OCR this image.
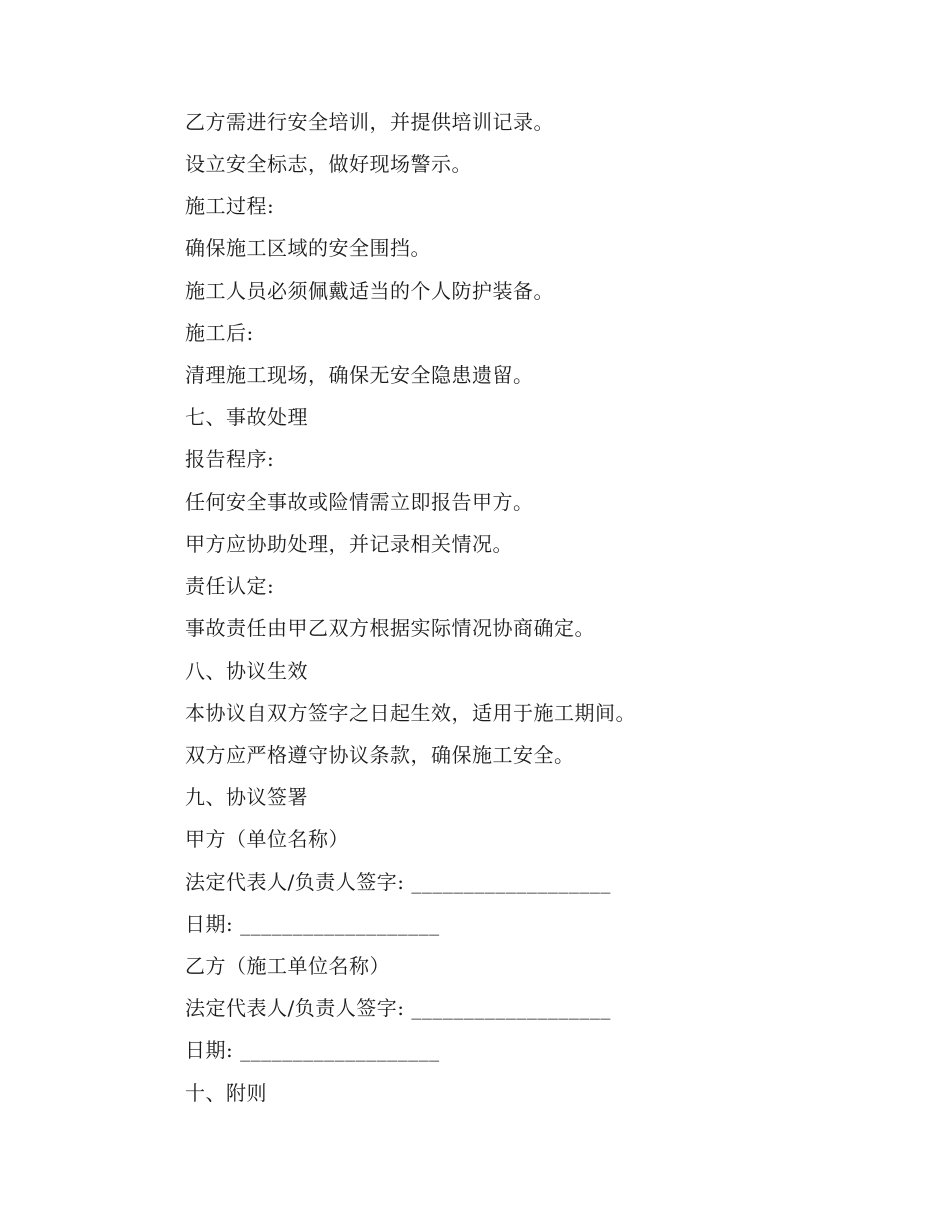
乙方需进行安全培训，并提供培训记录。
设立安全标志，做好现场警示。
施工过程:
确保施工区域的安全围挡。
施工人员必须佩戴适当的个人防护装备。
施工后:
清理施工现场，确保无安全隐患遗留。
七、事故处理
报告程序:
任何安全事故或险情需立即报告甲方。
甲方应协助处理，并记录相关情况。
责任认定:
事故责任由甲乙双方根据实际情况协商确定。
八、协议生效
本协议自双方签字之日起生效，适用于施工期间。
双方应严格遵守协议条款，确保施工安全。
九、协议签署
甲方（单位名称）
法定代表人/负责人签字: ___________________
日期: ___________________
乙方（施工单位名称）
法定代表人/负责人签字: ___________________
日期: ___________________
十、附则
